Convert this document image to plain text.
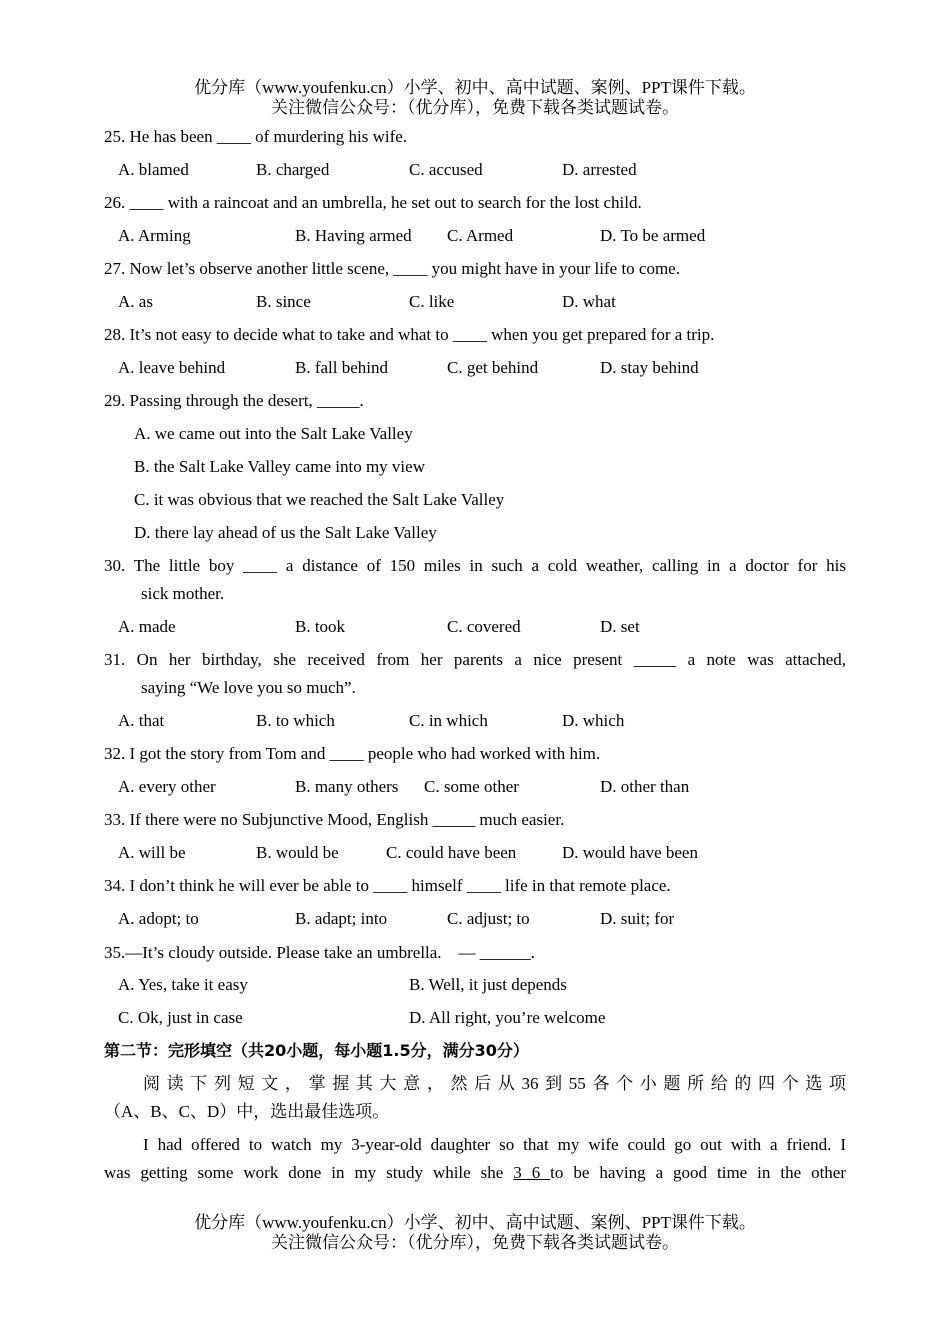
优分库（www.youfenku.cn）小学、初中、高中试题、案例、PPT课件下载。
关注微信公众号：（优分库），免费下载各类试题试卷。
25. He has been ____ of murdering his wife.
A. blamed	B. charged	C. accused	D. arrested
26. ____ with a raincoat and an umbrella, he set out to search for the lost child.
A. Arming	B. Having armed C. Armed	D. To be armed
27. Now let’s observe another little scene, ____ you might have in your life to come.
A. as	B. since	C. like	D. what
28. It’s not easy to decide what to take and what to ____ when you get prepared for a trip.
A. leave behind	B. fall behind	C. get behind	D. stay behind
29. Passing through the desert, _____.
A. we came out into the Salt Lake Valley
B. the Salt Lake Valley came into my view
C. it was obvious that we reached the Salt Lake Valley
D. there lay ahead of us the Salt Lake Valley
30. The little boy ____ a distance of 150 miles in such a cold weather, calling in a doctor for his
sick mother.
A. made	B. took	C. covered	D. set
31. On her birthday, she received from her parents a nice present _____ a note was attached,
saying “We love you so much”.
A. that	B. to which	C. in which	D. which
32. I got the story from Tom and ____ people who had worked with him.
A. every other	B. many others C. some other	D. other than
33. If there were no Subjunctive Mood, English _____ much easier.
A. will be	B. would be	C. could have been	D. would have been
34. I don’t think he will ever be able to ____ himself ____ life in that remote place.
A. adopt; to	B. adapt; into	C. adjust; to	D. suit; for
35.—It’s cloudy outside. Please take an umbrella.　— ______.
A. Yes, take it easy	B. Well, it just depends
C. Ok, just in case	D. All right, you’re welcome
第二节：完形填空（共20小题，每小题1.5分，满分30分）
阅读下列短文，掌握其大意，然后从36到55各个小题所给的四个选项
（A、B、C、D）中，选出最佳选项。
I had offered to watch my 3-year-old daughter so that my wife could go out with a friend. I
was getting some work done in my study while she 3 6 to be having a good time in the other
优分库（www.youfenku.cn）小学、初中、高中试题、案例、PPT课件下载。
关注微信公众号：（优分库），免费下载各类试题试卷。
